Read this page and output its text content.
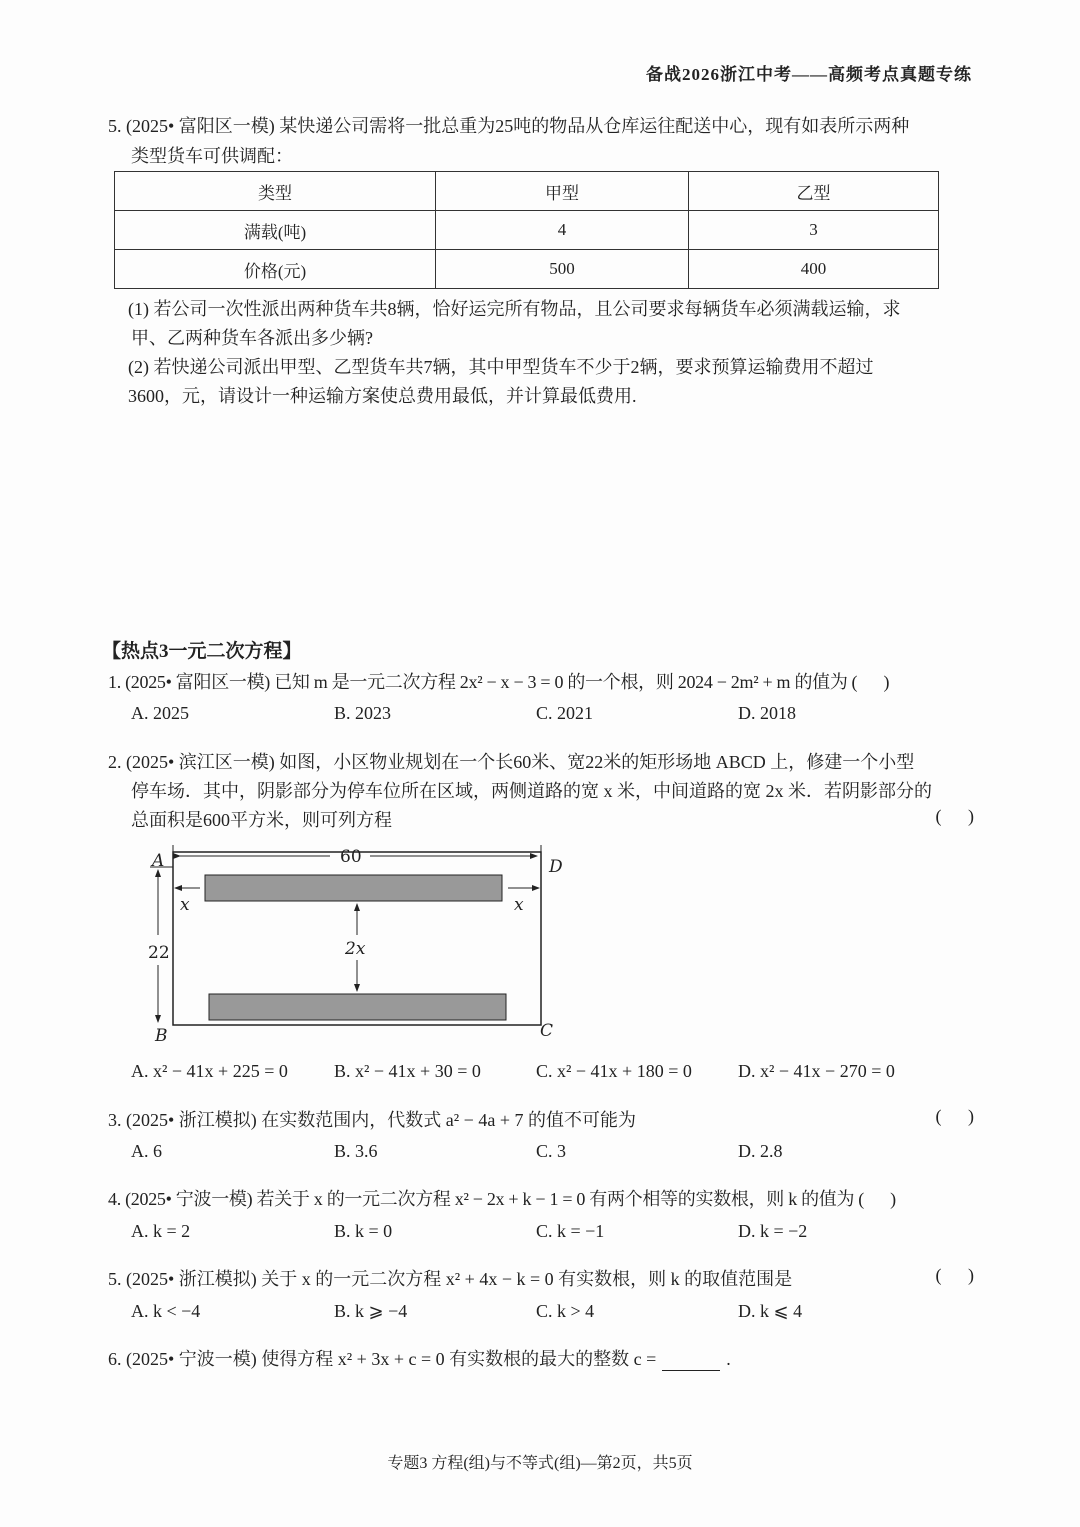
备战2026浙江中考——高频考点真题专练
5. (2025• 富阳区一模) 某快递公司需将一批总重为25吨的物品从仓库运往配送中心，现有如表所示两种
类型货车可供调配：
类型	甲型	乙型
满载(吨)	4	3
价格(元)	500	400
(1) 若公司一次性派出两种货车共8辆，恰好运完所有物品，且公司要求每辆货车必须满载运输，求
甲、乙两种货车各派出多少辆?
(2) 若快递公司派出甲型、乙型货车共7辆，其中甲型货车不少于2辆，要求预算运输费用不超过
3600，元，请设计一种运输方案使总费用最低，并计算最低费用.
【热点3一元二次方程】
1. (2025• 富阳区一模) 已知 m 是一元二次方程 2x² − x − 3 = 0 的一个根，则 2024 − 2m² + m 的值为 ( )
A. 2025	B. 2023	C. 2021	D. 2018
2. (2025• 滨江区一模) 如图，小区物业规划在一个长60米、宽22米的矩形场地 ABCD 上，修建一个小型
停车场．其中，阴影部分为停车位所在区域，两侧道路的宽 x 米，中间道路的宽 2x 米．若阴影部分的
总面积是600平方米，则可列方程	( )
A	D
B	C
60
22
x	x
2x
A. x² − 41x + 225 = 0	B. x² − 41x + 30 = 0	C. x² − 41x + 180 = 0	D. x² − 41x − 270 = 0
3. (2025• 浙江模拟) 在实数范围内，代数式 a² − 4a + 7 的值不可能为	( )
A. 6	B. 3.6	C. 3	D. 2.8
4. (2025• 宁波一模) 若关于 x 的一元二次方程 x² − 2x + k − 1 = 0 有两个相等的实数根，则 k 的值为 ( )
A. k = 2	B. k = 0	C. k = −1	D. k = −2
5. (2025• 浙江模拟) 关于 x 的一元二次方程 x² + 4x − k = 0 有实数根，则 k 的取值范围是	( )
A. k < −4	B. k ⩾ −4	C. k > 4	D. k ⩽ 4
6. (2025• 宁波一模) 使得方程 x² + 3x + c = 0 有实数根的最大的整数 c =	.
专题3 方程(组)与不等式(组)—第2页，共5页
